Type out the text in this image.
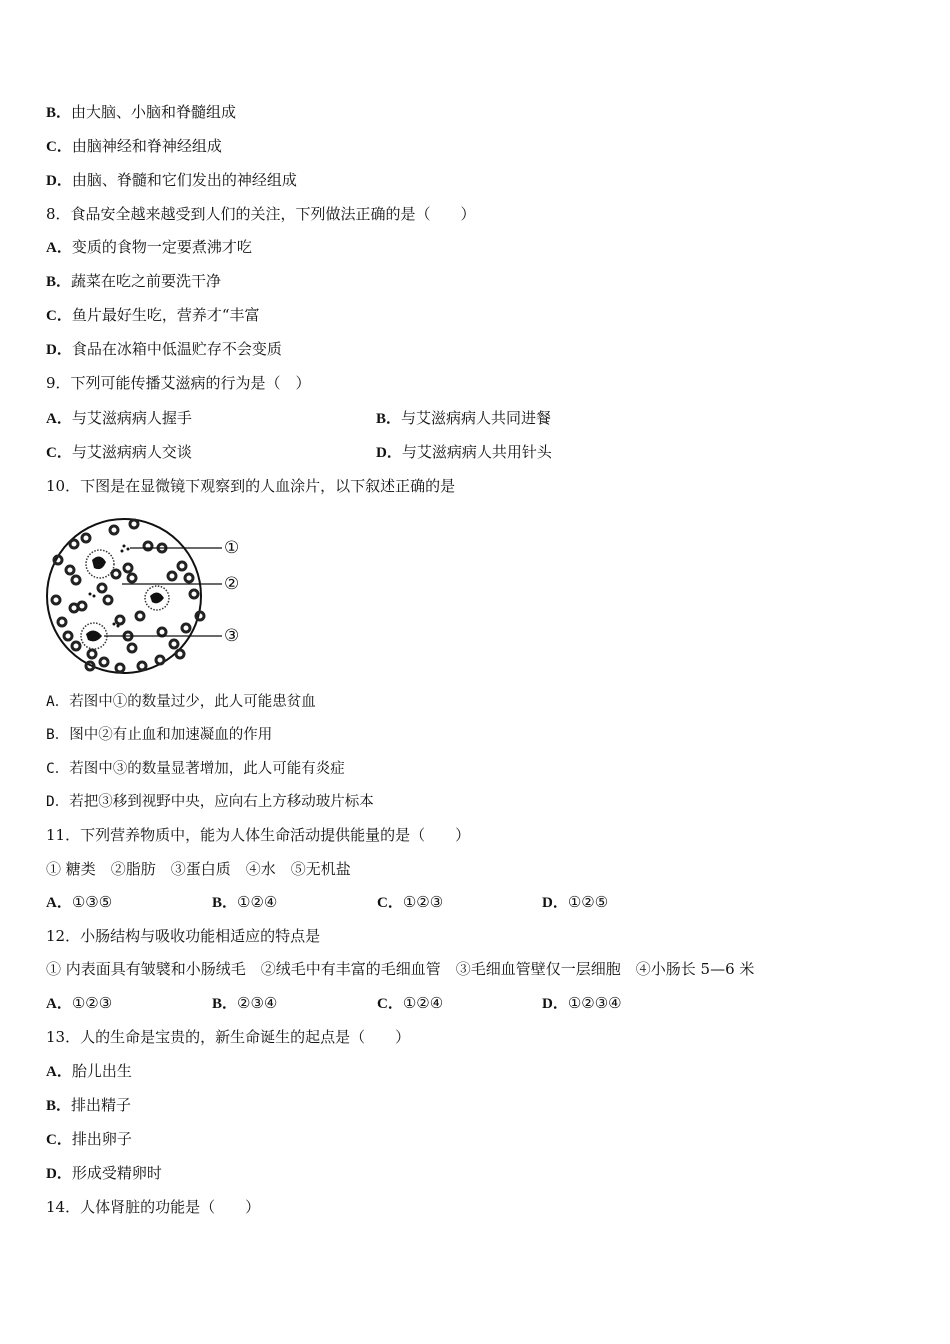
B．由大脑、小脑和脊髓组成
C．由脑神经和脊神经组成
D．由脑、脊髓和它们发出的神经组成
8．食品安全越来越受到人们的关注，下列做法正确的是（　　）
A．变质的食物一定要煮沸才吃
B．蔬菜在吃之前要洗干净
C．鱼片最好生吃，营养才“丰富
D．食品在冰箱中低温贮存不会变质
9．下列可能传播艾滋病的行为是（　）
A．与艾滋病病人握手	B．与艾滋病病人共同进餐
C．与艾滋病病人交谈	D．与艾滋病病人共用针头
10．下图是在显微镜下观察到的人血涂片，以下叙述正确的是
①
②
③
A．若图中①的数量过少，此人可能患贫血
B．图中②有止血和加速凝血的作用
C．若图中③的数量显著增加，此人可能有炎症
D．若把③移到视野中央，应向右上方移动玻片标本
11．下列营养物质中，能为人体生命活动提供能量的是（　　）
① 糖类　②脂肪　③蛋白质　④水　⑤无机盐
A．①③⑤	B．①②④	C．①②③	D．①②⑤
12．小肠结构与吸收功能相适应的特点是
① 内表面具有皱襞和小肠绒毛　②绒毛中有丰富的毛细血管　③毛细血管壁仅一层细胞　④小肠长 5—6 米
A．①②③	B．②③④	C．①②④	D．①②③④
13．人的生命是宝贵的，新生命诞生的起点是（　　）
A．胎儿出生
B．排出精子
C．排出卵子
D．形成受精卵时
14．人体肾脏的功能是（　　）
